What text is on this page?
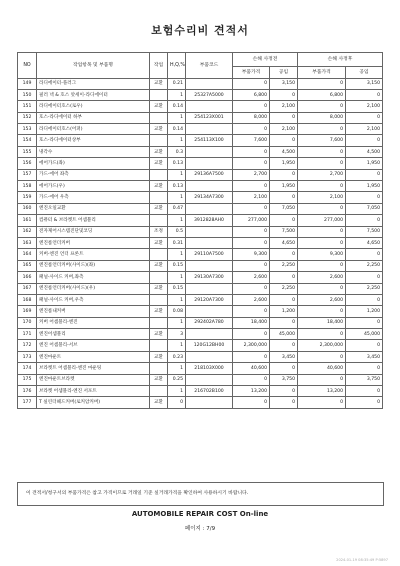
보험수리비 견적서
NO	작업항목 및 부품명	작업	H,Q,%	부품코드	손해 사정전		손해 사정후	
					부품가격	공임	부품가격	공임
149	라디에이터-플러그	교환	0.21		0	3,150	0	3,150
150	필러 넥 & 호스 앗세이-라디에이터		1	25327A5000	6,800	0	6,800	0
151	라디에이터호스(로우)	교환	0.14		0	2,100	0	2,100
152	호스-라디에이터 하부		1	254123X001	8,000	0	8,000	0
153	라디에이터호스(어퍼)	교환	0.14		0	2,100	0	2,100
154	호스-라디에이터상부		1	254113X100	7,600	0	7,600	0
155	냉각수	교환	0.3		0	4,500	0	4,500
156	에어가드(좌)	교환	0.13		0	1,950	0	1,950
157	가드-에어 좌측		1	29136A7500	2,700	0	2,700	0
158	에어가드(우)	교환	0.13		0	1,950	0	1,950
159	가드-에어 우측		1	29134A7300	2,100	0	2,100	0
160	엔진오일교환	교환	0.47		0	7,050	0	7,050
161	컴퓨터 & 브라켓트 어셈블리		1	3912828AH0	277,000	0	277,000	0
162	전자제어시스템진단및코딩	조정	0.5		0	7,500	0	7,500
163	엔진룸언더커버	교환	0.31		0	4,650	0	4,650
164	커버-엔진 언더 프론트		1	29110A7500	9,300	0	9,300	0
165	엔진룸언더커버(사이드)(좌)	교환	0.15		0	2,250	0	2,250
166	패널-사이드 커버,좌측		1	29130A7300	2,600	0	2,600	0
167	엔진룸언더커버(사이드)(우)	교환	0.15		0	2,250	0	2,250
168	패널-사이드 커버,우측		1	29120A7300	2,600	0	2,600	0
169	엔진룸내커버	교환	0.08		0	1,200	0	1,200
170	커버 어셈블리-엔진		1	292402A780	18,400	0	18,400	0
171	엔진어셈블리	교환	3		0	45,000	0	45,000
172	엔진 어셈블리-서브		1	120G12BH00	2,300,000	0	2,300,000	0
173	엔진마운트	교환	0.23		0	3,450	0	3,450
174	브라켓트 어셈블리-엔진 마운팅		1	218103X000	40,600	0	40,600	0
175	엔진마운트브라켓	교환	0.25		0	3,750	0	3,750
176	브라켓 어셈블리-엔진 서포트		1	216702B100	13,200	0	13,200	0
177	T 실린더헤드커버(로커암커버)	교환	0		0	0	0	0
이 견적서/청구서의 부품가격은 참고 가격이므로 거래일 기준 실거래가격을 확인하여 사용하시기 바랍니다.
AUTOMOBILE REPAIR COST On-line
페이지 : 7/9
2024-01-19 08:35:49 P:5897
